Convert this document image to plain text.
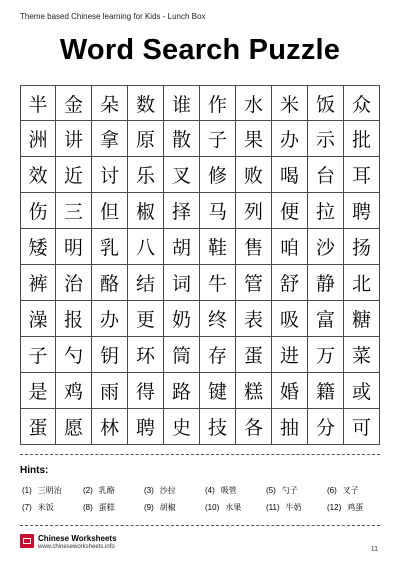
Theme based Chinese learning for Kids - Lunch Box
Word Search Puzzle
半 金 朵 数 谁 作 水 米 饭 众
洲 讲 拿 原 散 子 果 办 示 批
效 近 讨 乐 叉 修 败 喝 台 耳
伤 三 但 椒 择 马 列 便 拉 聘
矮 明 乳 八 胡 鞋 售 咱 沙 扬
裤 治 酪 结 词 牛 管 舒 静 北
澡 报 办 更 奶 终 表 吸 富 糖
子 勺 钥 环 筒 存 蛋 进 万 菜
是 鸡 雨 得 路 键 糕 婚 籍 或
蛋 愿 林 聘 史 技 各 抽 分 可
Hints:
(1) 三明治	(2) 乳酪	(3) 沙拉	(4) 吸管	(5) 勺子	(6) 叉子
(7) 米饭	(8) 蛋糕	(9) 胡椒	(10) 水果	(11) 牛奶	(12) 鸡蛋
Chinese Worksheets
www.chineseworksheets.info	11
